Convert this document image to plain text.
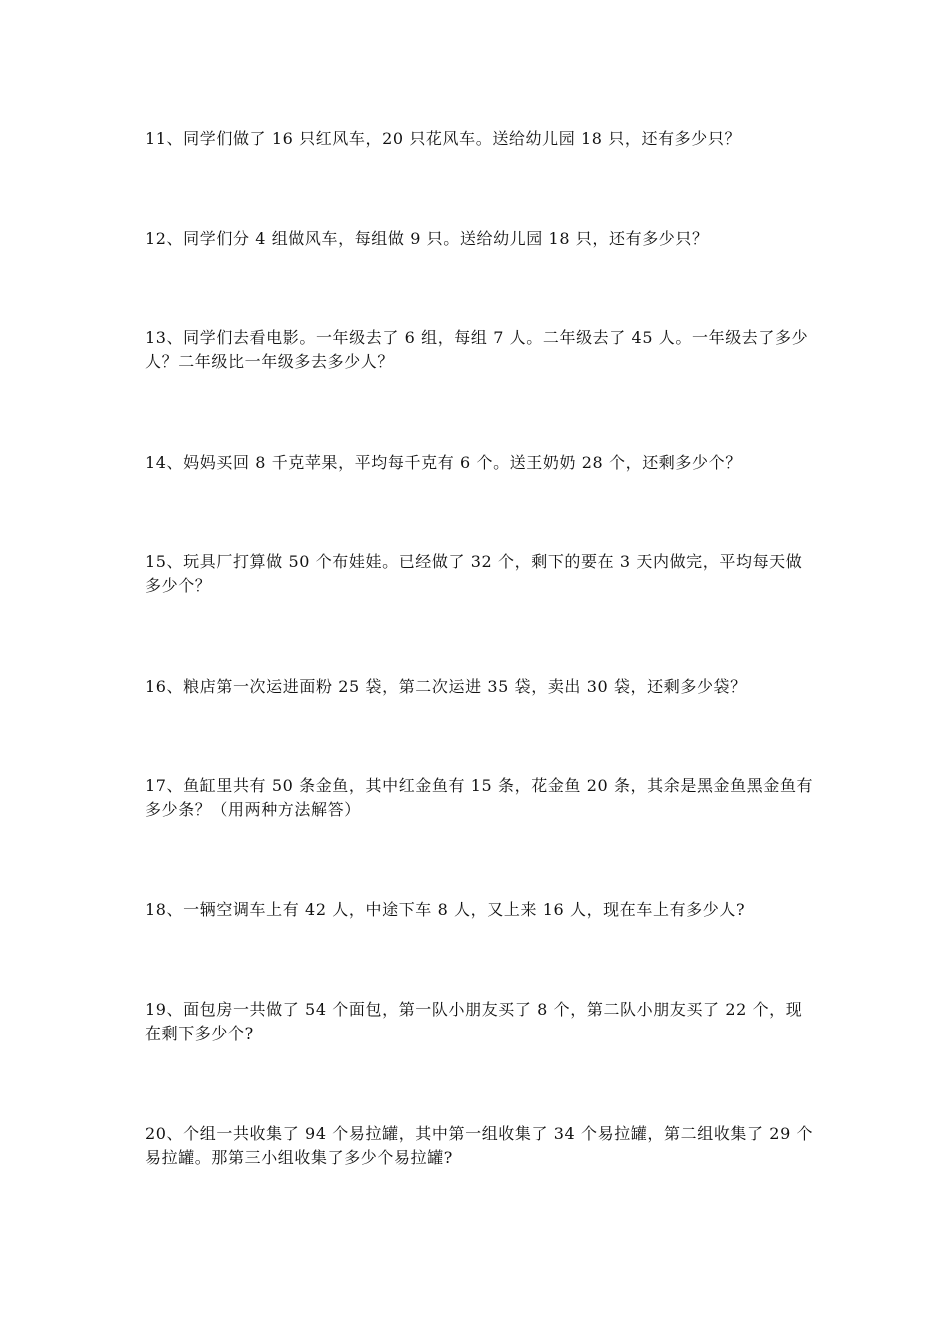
11、同学们做了 16 只红风车，20 只花风车。送给幼儿园 18 只，还有多少只？

12、同学们分 4 组做风车，每组做 9 只。送给幼儿园 18 只，还有多少只？

13、同学们去看电影。一年级去了 6 组，每组 7 人。二年级去了 45 人。一年级去了多少人？二年级比一年级多去多少人？

14、妈妈买回 8 千克苹果，平均每千克有 6 个。送王奶奶 28 个，还剩多少个？

15、玩具厂打算做 50 个布娃娃。已经做了 32 个，剩下的要在 3 天内做完，平均每天做多少个？

16、粮店第一次运进面粉 25 袋，第二次运进 35 袋，卖出 30 袋，还剩多少袋？

17、鱼缸里共有 50 条金鱼，其中红金鱼有 15 条，花金鱼 20 条，其余是黑金鱼黑金鱼有多少条？（用两种方法解答）

18、一辆空调车上有 42 人，中途下车 8 人，又上来 16 人，现在车上有多少人?

19、面包房一共做了 54 个面包，第一队小朋友买了 8 个，第二队小朋友买了 22 个，现在剩下多少个?

20、个组一共收集了 94 个易拉罐，其中第一组收集了 34 个易拉罐，第二组收集了 29 个易拉罐。那第三小组收集了多少个易拉罐?
